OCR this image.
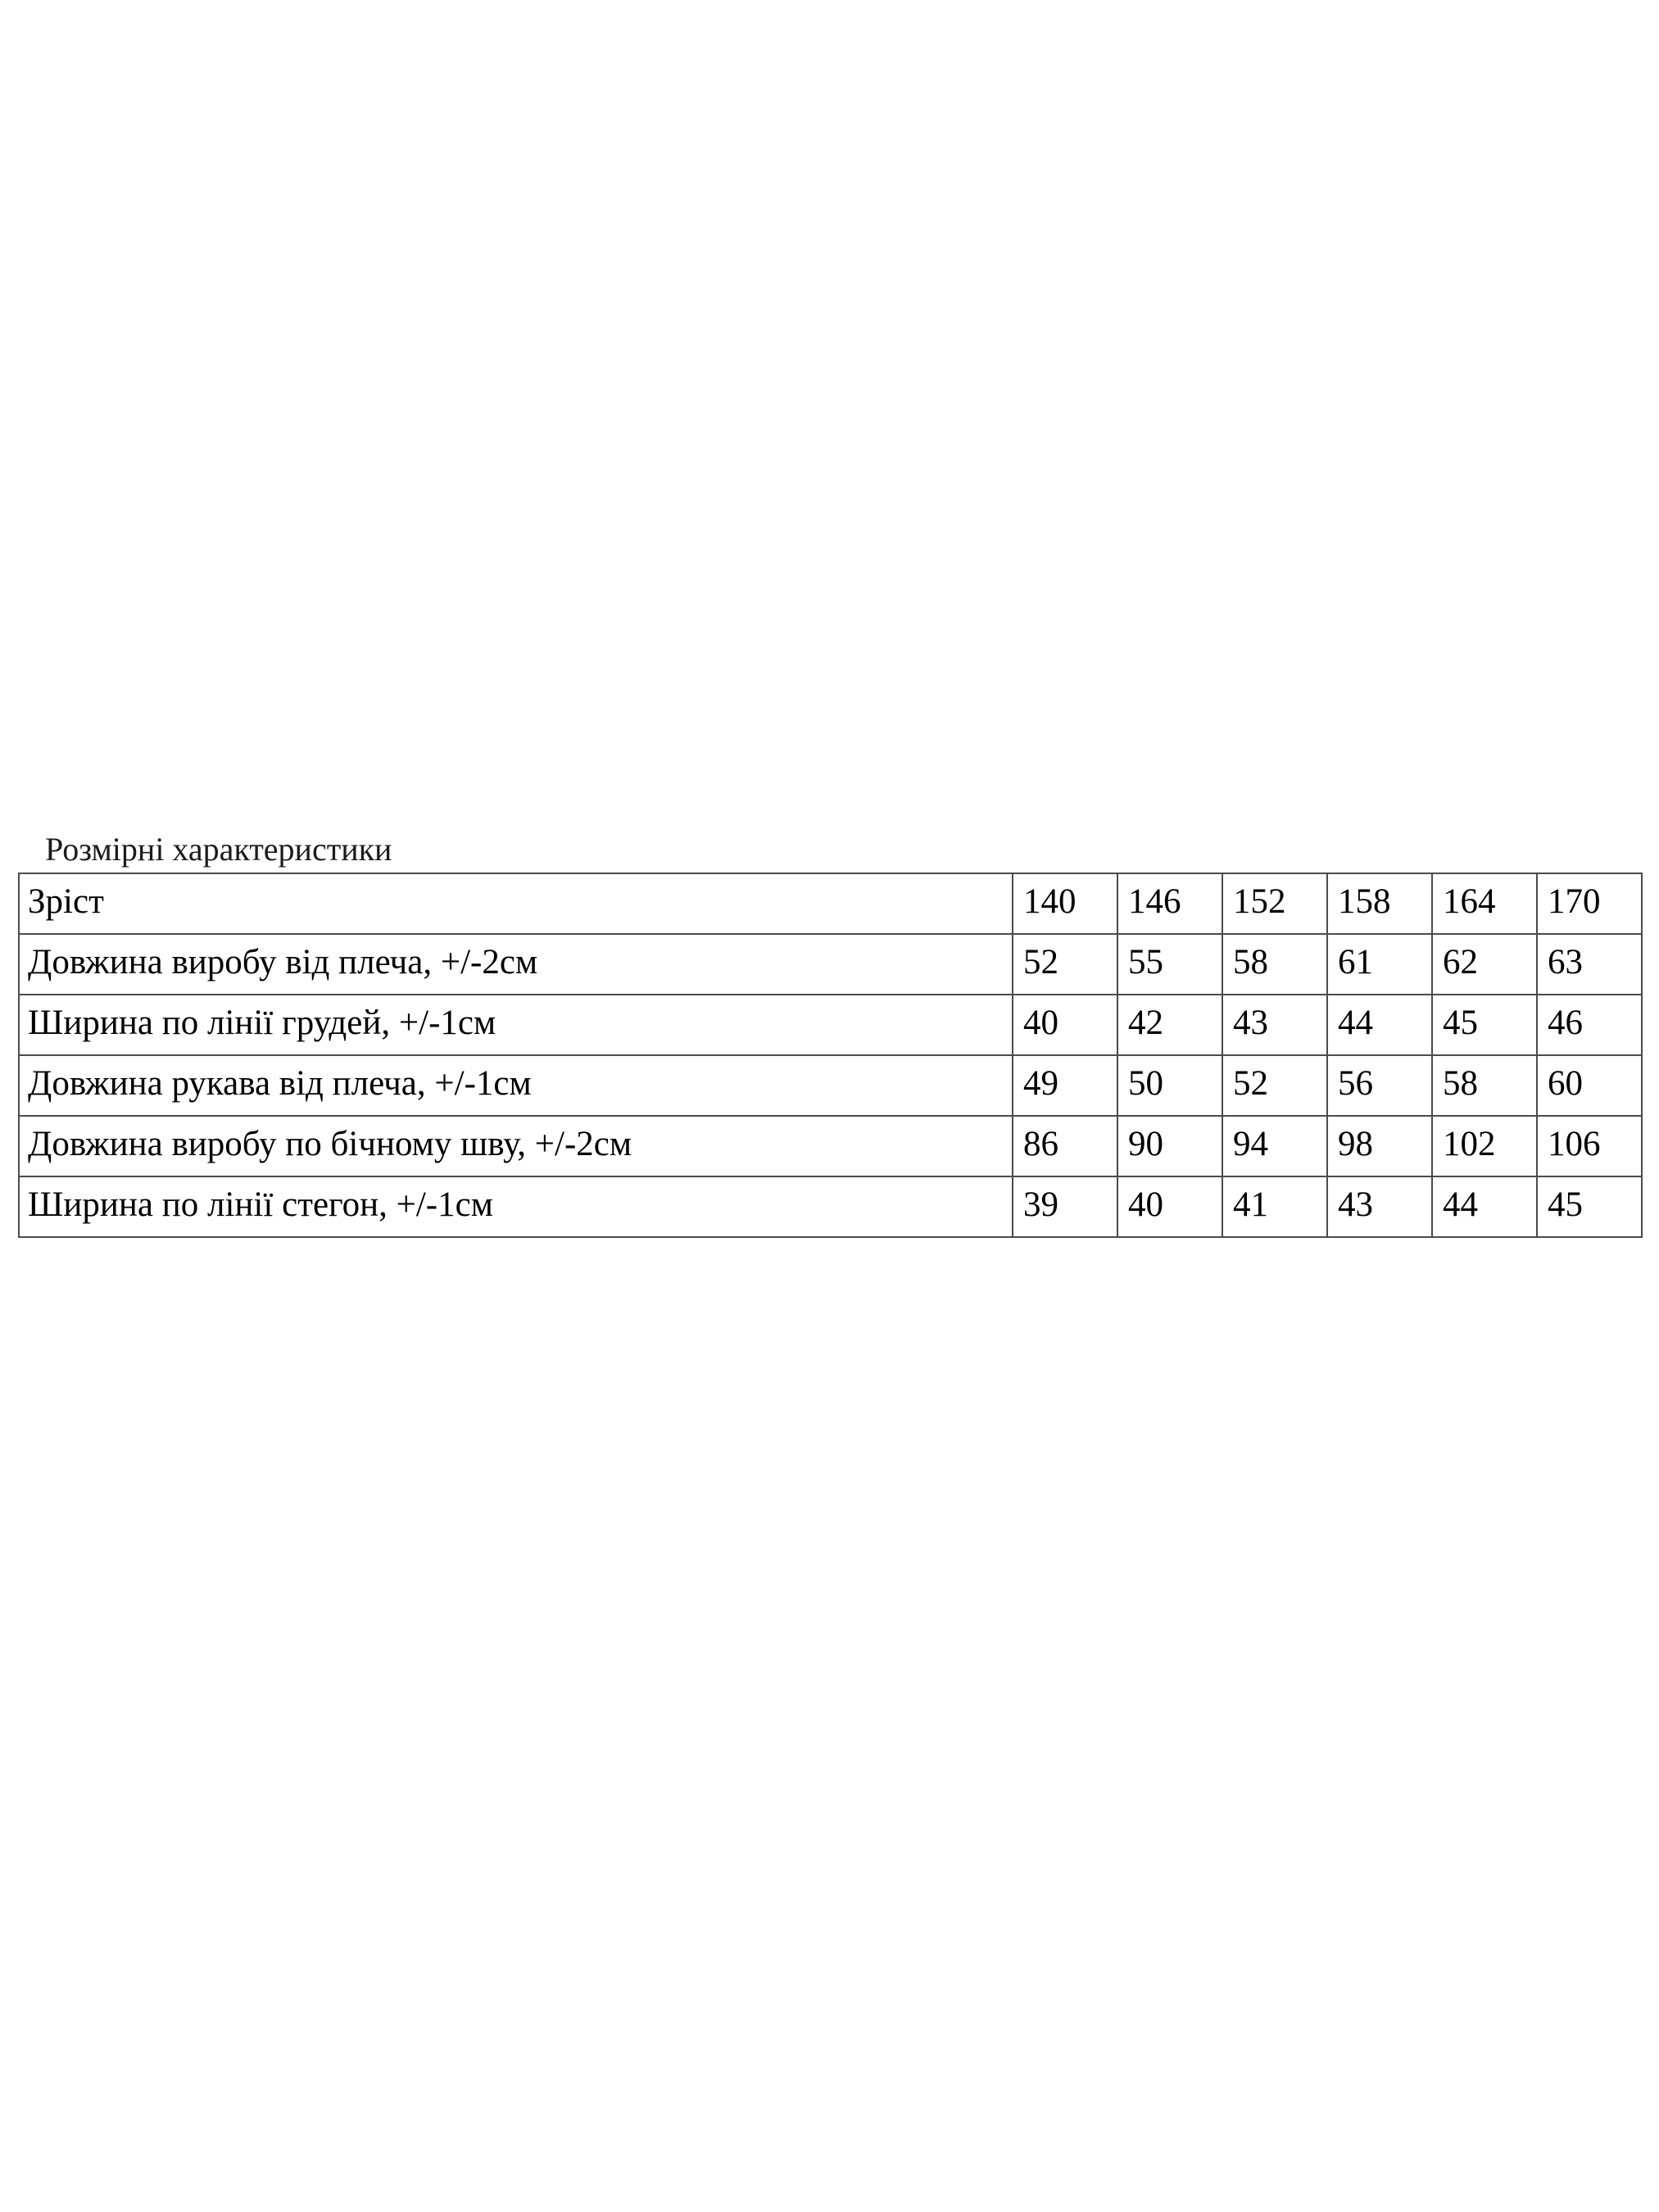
Розмірні характеристики
Зріст	140	146	152	158	164	170
Довжина виробу від плеча, +/-2см	52	55	58	61	62	63
Ширина по лінії грудей, +/-1см	40	42	43	44	45	46
Довжина рукава від плеча, +/-1см	49	50	52	56	58	60
Довжина виробу по бічному шву, +/-2см	86	90	94	98	102	106
Ширина по лінії стегон, +/-1см	39	40	41	43	44	45
